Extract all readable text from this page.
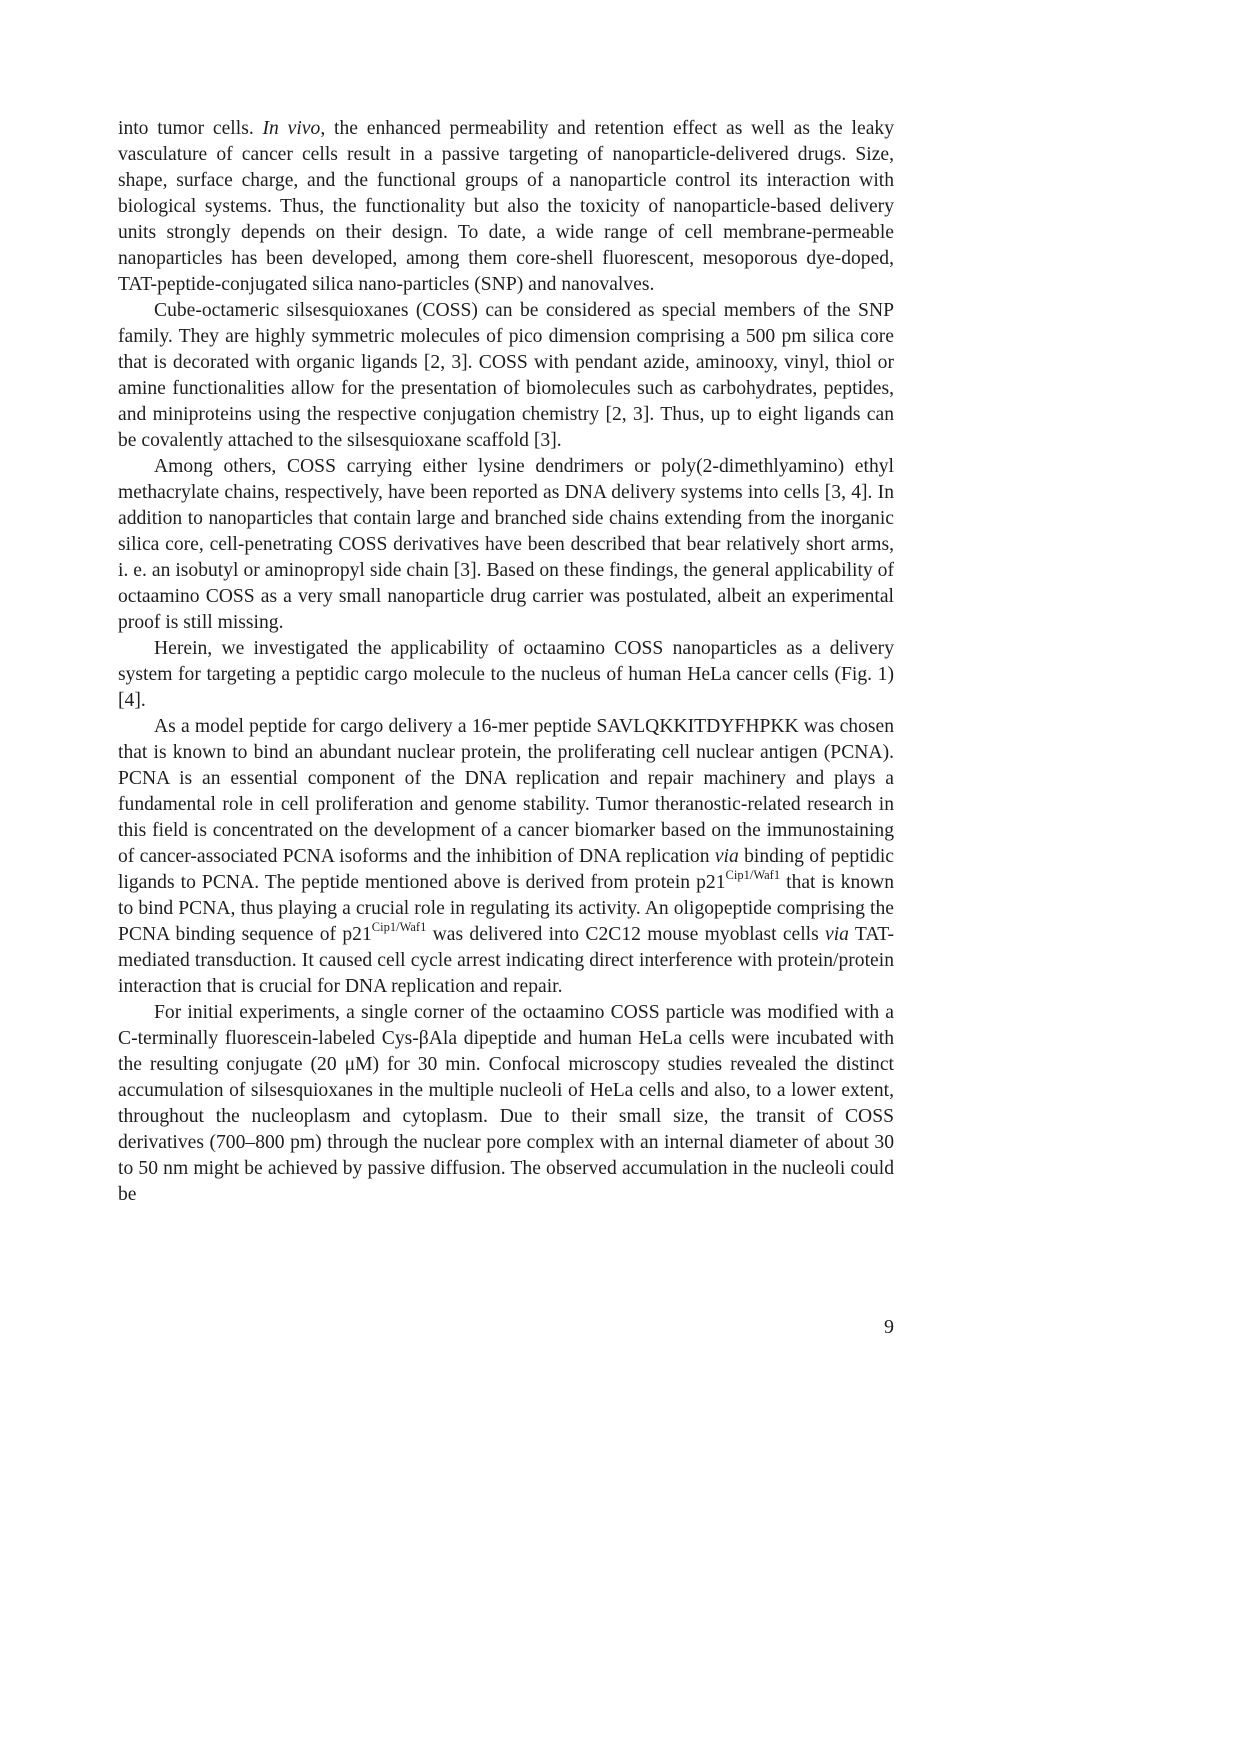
into tumor cells. In vivo, the enhanced permeability and retention effect as well as the leaky vasculature of cancer cells result in a passive targeting of nanoparticle-delivered drugs. Size, shape, surface charge, and the functional groups of a nanoparticle control its interaction with biological systems. Thus, the functionality but also the toxicity of nanoparticle-based delivery units strongly depends on their design. To date, a wide range of cell membrane-permeable nanoparticles has been developed, among them core-shell fluorescent, mesoporous dye-doped, TAT-peptide-conjugated silica nano-particles (SNP) and nanovalves.

Cube-octameric silsesquioxanes (COSS) can be considered as special members of the SNP family. They are highly symmetric molecules of pico dimension comprising a 500 pm silica core that is decorated with organic ligands [2, 3]. COSS with pendant azide, aminooxy, vinyl, thiol or amine functionalities allow for the presentation of biomolecules such as carbohydrates, peptides, and miniproteins using the respective conjugation chemistry [2, 3]. Thus, up to eight ligands can be covalently attached to the silsesquioxane scaffold [3].

Among others, COSS carrying either lysine dendrimers or poly(2-dimethlyamino) ethyl methacrylate chains, respectively, have been reported as DNA delivery systems into cells [3, 4]. In addition to nanoparticles that contain large and branched side chains extending from the inorganic silica core, cell-penetrating COSS derivatives have been described that bear relatively short arms, i. e. an isobutyl or aminopropyl side chain [3]. Based on these findings, the general applicability of octaamino COSS as a very small nanoparticle drug carrier was postulated, albeit an experimental proof is still missing.

Herein, we investigated the applicability of octaamino COSS nanoparticles as a delivery system for targeting a peptidic cargo molecule to the nucleus of human HeLa cancer cells (Fig. 1) [4].

As a model peptide for cargo delivery a 16-mer peptide SAVLQKKITDYFHPKK was chosen that is known to bind an abundant nuclear protein, the proliferating cell nuclear antigen (PCNA). PCNA is an essential component of the DNA replication and repair machinery and plays a fundamental role in cell proliferation and genome stability. Tumor theranostic-related research in this field is concentrated on the development of a cancer biomarker based on the immunostaining of cancer-associated PCNA isoforms and the inhibition of DNA replication via binding of peptidic ligands to PCNA. The peptide mentioned above is derived from protein $p21^{Cip1/Waf1}$ that is known to bind PCNA, thus playing a crucial role in regulating its activity. An oligopeptide comprising the PCNA binding sequence of $p21^{Cip1/Waf1}$ was delivered into C2C12 mouse myoblast cells via TAT-mediated transduction. It caused cell cycle arrest indicating direct interference with protein/protein interaction that is crucial for DNA replication and repair.

For initial experiments, a single corner of the octaamino COSS particle was modified with a C-terminally fluorescein-labeled Cys-βAla dipeptide and human HeLa cells were incubated with the resulting conjugate (20 μM) for 30 min. Confocal microscopy studies revealed the distinct accumulation of silsesquioxanes in the multiple nucleoli of HeLa cells and also, to a lower extent, throughout the nucleoplasm and cytoplasm. Due to their small size, the transit of COSS derivatives (700–800 pm) through the nuclear pore complex with an internal diameter of about 30 to 50 nm might be achieved by passive diffusion. The observed accumulation in the nucleoli could be

9
